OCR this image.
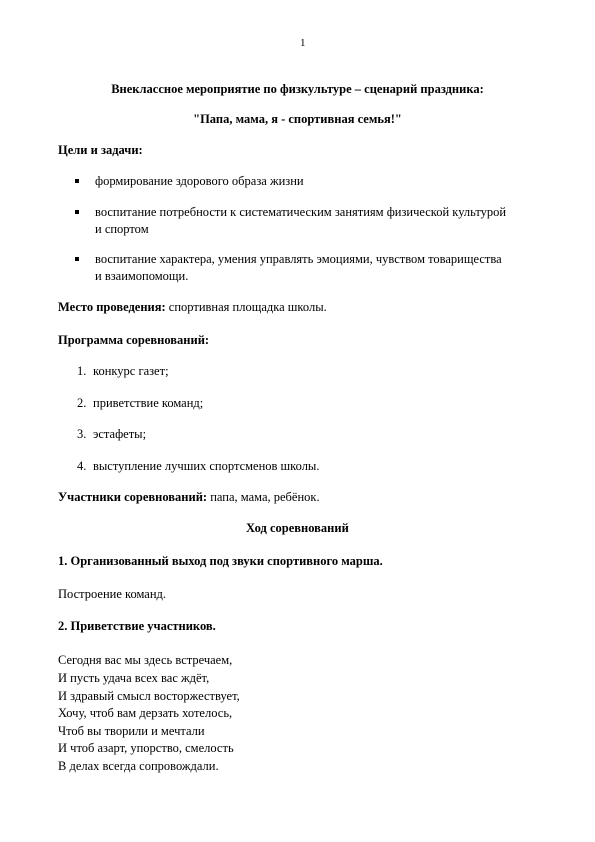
1
Внеклассное мероприятие по физкультуре – сценарий праздника:
"Папа, мама, я - спортивная семья!"
Цели и задачи:
формирование здорового образа жизни
воспитание потребности к систематическим занятиям физической культурой
и спортом
воспитание характера, умения управлять эмоциями, чувством товарищества
и взаимопомощи.
Место проведения: спортивная площадка школы.
Программа соревнований:
1. конкурс газет;
2. приветствие команд;
3. эстафеты;
4. выступление лучших спортсменов школы.
Участники соревнований: папа, мама, ребёнок.
Ход соревнований
1. Организованный выход под звуки спортивного марша.
Построение команд.
2. Приветствие участников.
Сегодня вас мы здесь встречаем,
И пусть удача всех вас ждёт,
И здравый смысл восторжествует,
Хочу, чтоб вам дерзать хотелось,
Чтоб вы творили и мечтали
И чтоб азарт, упорство, смелость
В делах всегда сопровождали.
